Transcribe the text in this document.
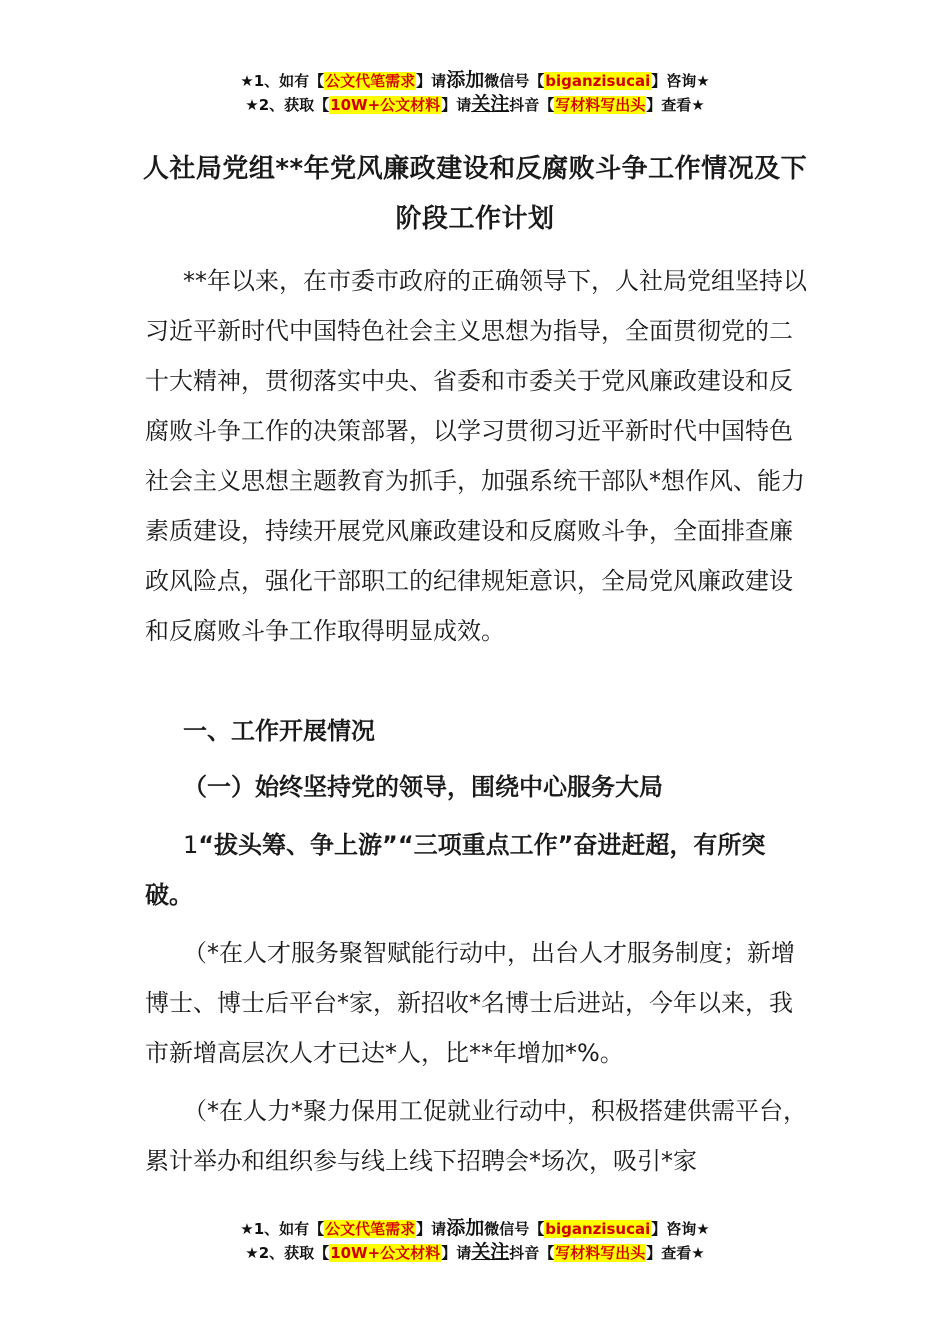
★1、如有【公文代笔需求】请添加微信号【biganzisucai】咨询★
★2、获取【10W+公文材料】请关注抖音【写材料写出头】查看★
人社局党组**年党风廉政建设和反腐败斗争工作情况及下阶段工作计划

**年以来，在市委市政府的正确领导下，人社局党组坚持以习近平新时代中国特色社会主义思想为指导，全面贯彻党的二十大精神，贯彻落实中央、省委和市委关于党风廉政建设和反腐败斗争工作的决策部署，以学习贯彻习近平新时代中国特色社会主义思想主题教育为抓手，加强系统干部队*想作风、能力素质建设，持续开展党风廉政建设和反腐败斗争，全面排查廉政风险点，强化干部职工的纪律规矩意识，全局党风廉政建设和反腐败斗争工作取得明显成效。

一、工作开展情况

（一）始终坚持党的领导，围绕中心服务大局

1“拔头筹、争上游”“三项重点工作”奋进赶超，有所突破。

（*在人才服务聚智赋能行动中，出台人才服务制度；新增博士、博士后平台*家，新招收*名博士后进站，今年以来，我市新增高层次人才已达*人，比**年增加*%。

（*在人力*聚力保用工促就业行动中，积极搭建供需平台，累计举办和组织参与线上线下招聘会*场次，吸引*家

★1、如有【公文代笔需求】请添加微信号【biganzisucai】咨询★
★2、获取【10W+公文材料】请关注抖音【写材料写出头】查看★
